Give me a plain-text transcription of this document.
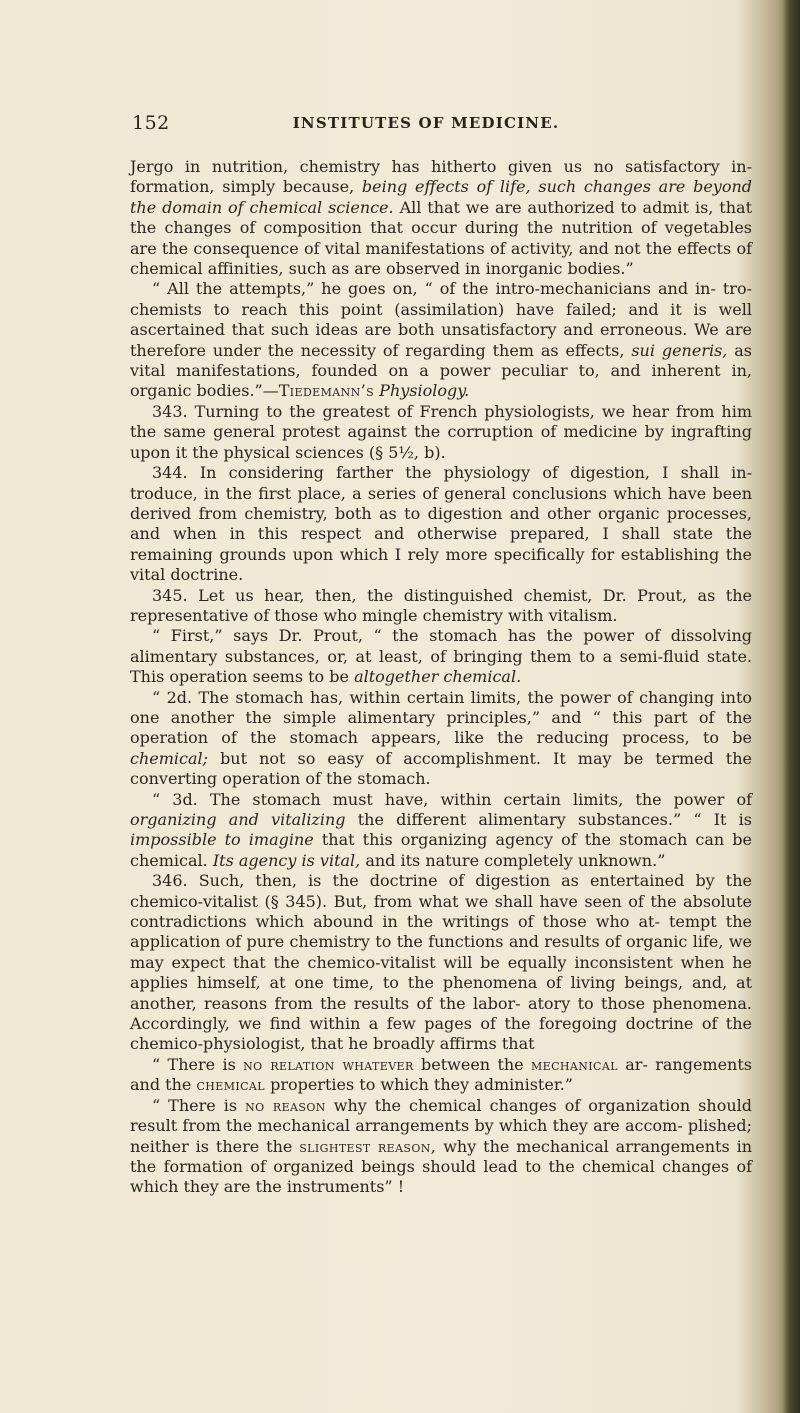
152	INSTITUTES OF MEDICINE.

Jergo in nutrition, chemistry has hitherto given us no satisfactory in- formation, simply because, being effects of life, such changes are beyond the domain of chemical science. All that we are authorized to admit is, that the changes of composition that occur during the nutrition of vegetables are the consequence of vital manifestations of activity, and not the effects of chemical affinities, such as are observed in inorganic bodies.”

“ All the attempts,” he goes on, “ of the intro-mechanicians and in- tro-chemists to reach this point (assimilation) have failed; and it is well ascertained that such ideas are both unsatisfactory and erroneous. We are therefore under the necessity of regarding them as effects, sui generis, as vital manifestations, founded on a power peculiar to, and inherent in, organic bodies.”—Tiedemann’s Physiology.

343. Turning to the greatest of French physiologists, we hear from him the same general protest against the corruption of medicine by ingrafting upon it the physical sciences (§ 5½, b).

344. In considering farther the physiology of digestion, I shall in- troduce, in the first place, a series of general conclusions which have been derived from chemistry, both as to digestion and other organic processes, and when in this respect and otherwise prepared, I shall state the remaining grounds upon which I rely more specifically for establishing the vital doctrine.

345. Let us hear, then, the distinguished chemist, Dr. Prout, as the representative of those who mingle chemistry with vitalism.

“ First,” says Dr. Prout, “ the stomach has the power of dissolving alimentary substances, or, at least, of bringing them to a semi-fluid state. This operation seems to be altogether chemical.

“ 2d. The stomach has, within certain limits, the power of changing into one another the simple alimentary principles,” and “ this part of the operation of the stomach appears, like the reducing process, to be chemical; but not so easy of accomplishment. It may be termed the converting operation of the stomach.

“ 3d. The stomach must have, within certain limits, the power of organizing and vitalizing the different alimentary substances.” “ It is impossible to imagine that this organizing agency of the stomach can be chemical. Its agency is vital, and its nature completely unknown.”

346. Such, then, is the doctrine of digestion as entertained by the chemico-vitalist (§ 345). But, from what we shall have seen of the absolute contradictions which abound in the writings of those who at- tempt the application of pure chemistry to the functions and results of organic life, we may expect that the chemico-vitalist will be equally inconsistent when he applies himself, at one time, to the phenomena of living beings, and, at another, reasons from the results of the labor- atory to those phenomena. Accordingly, we find within a few pages of the foregoing doctrine of the chemico-physiologist, that he broadly affirms that

“ There is no relation whatever between the mechanical ar- rangements and the chemical properties to which they administer.”

“ There is no reason why the chemical changes of organization should result from the mechanical arrangements by which they are accom- plished; neither is there the slightest reason, why the mechanical arrangements in the formation of organized beings should lead to the chemical changes of which they are the instruments” !
